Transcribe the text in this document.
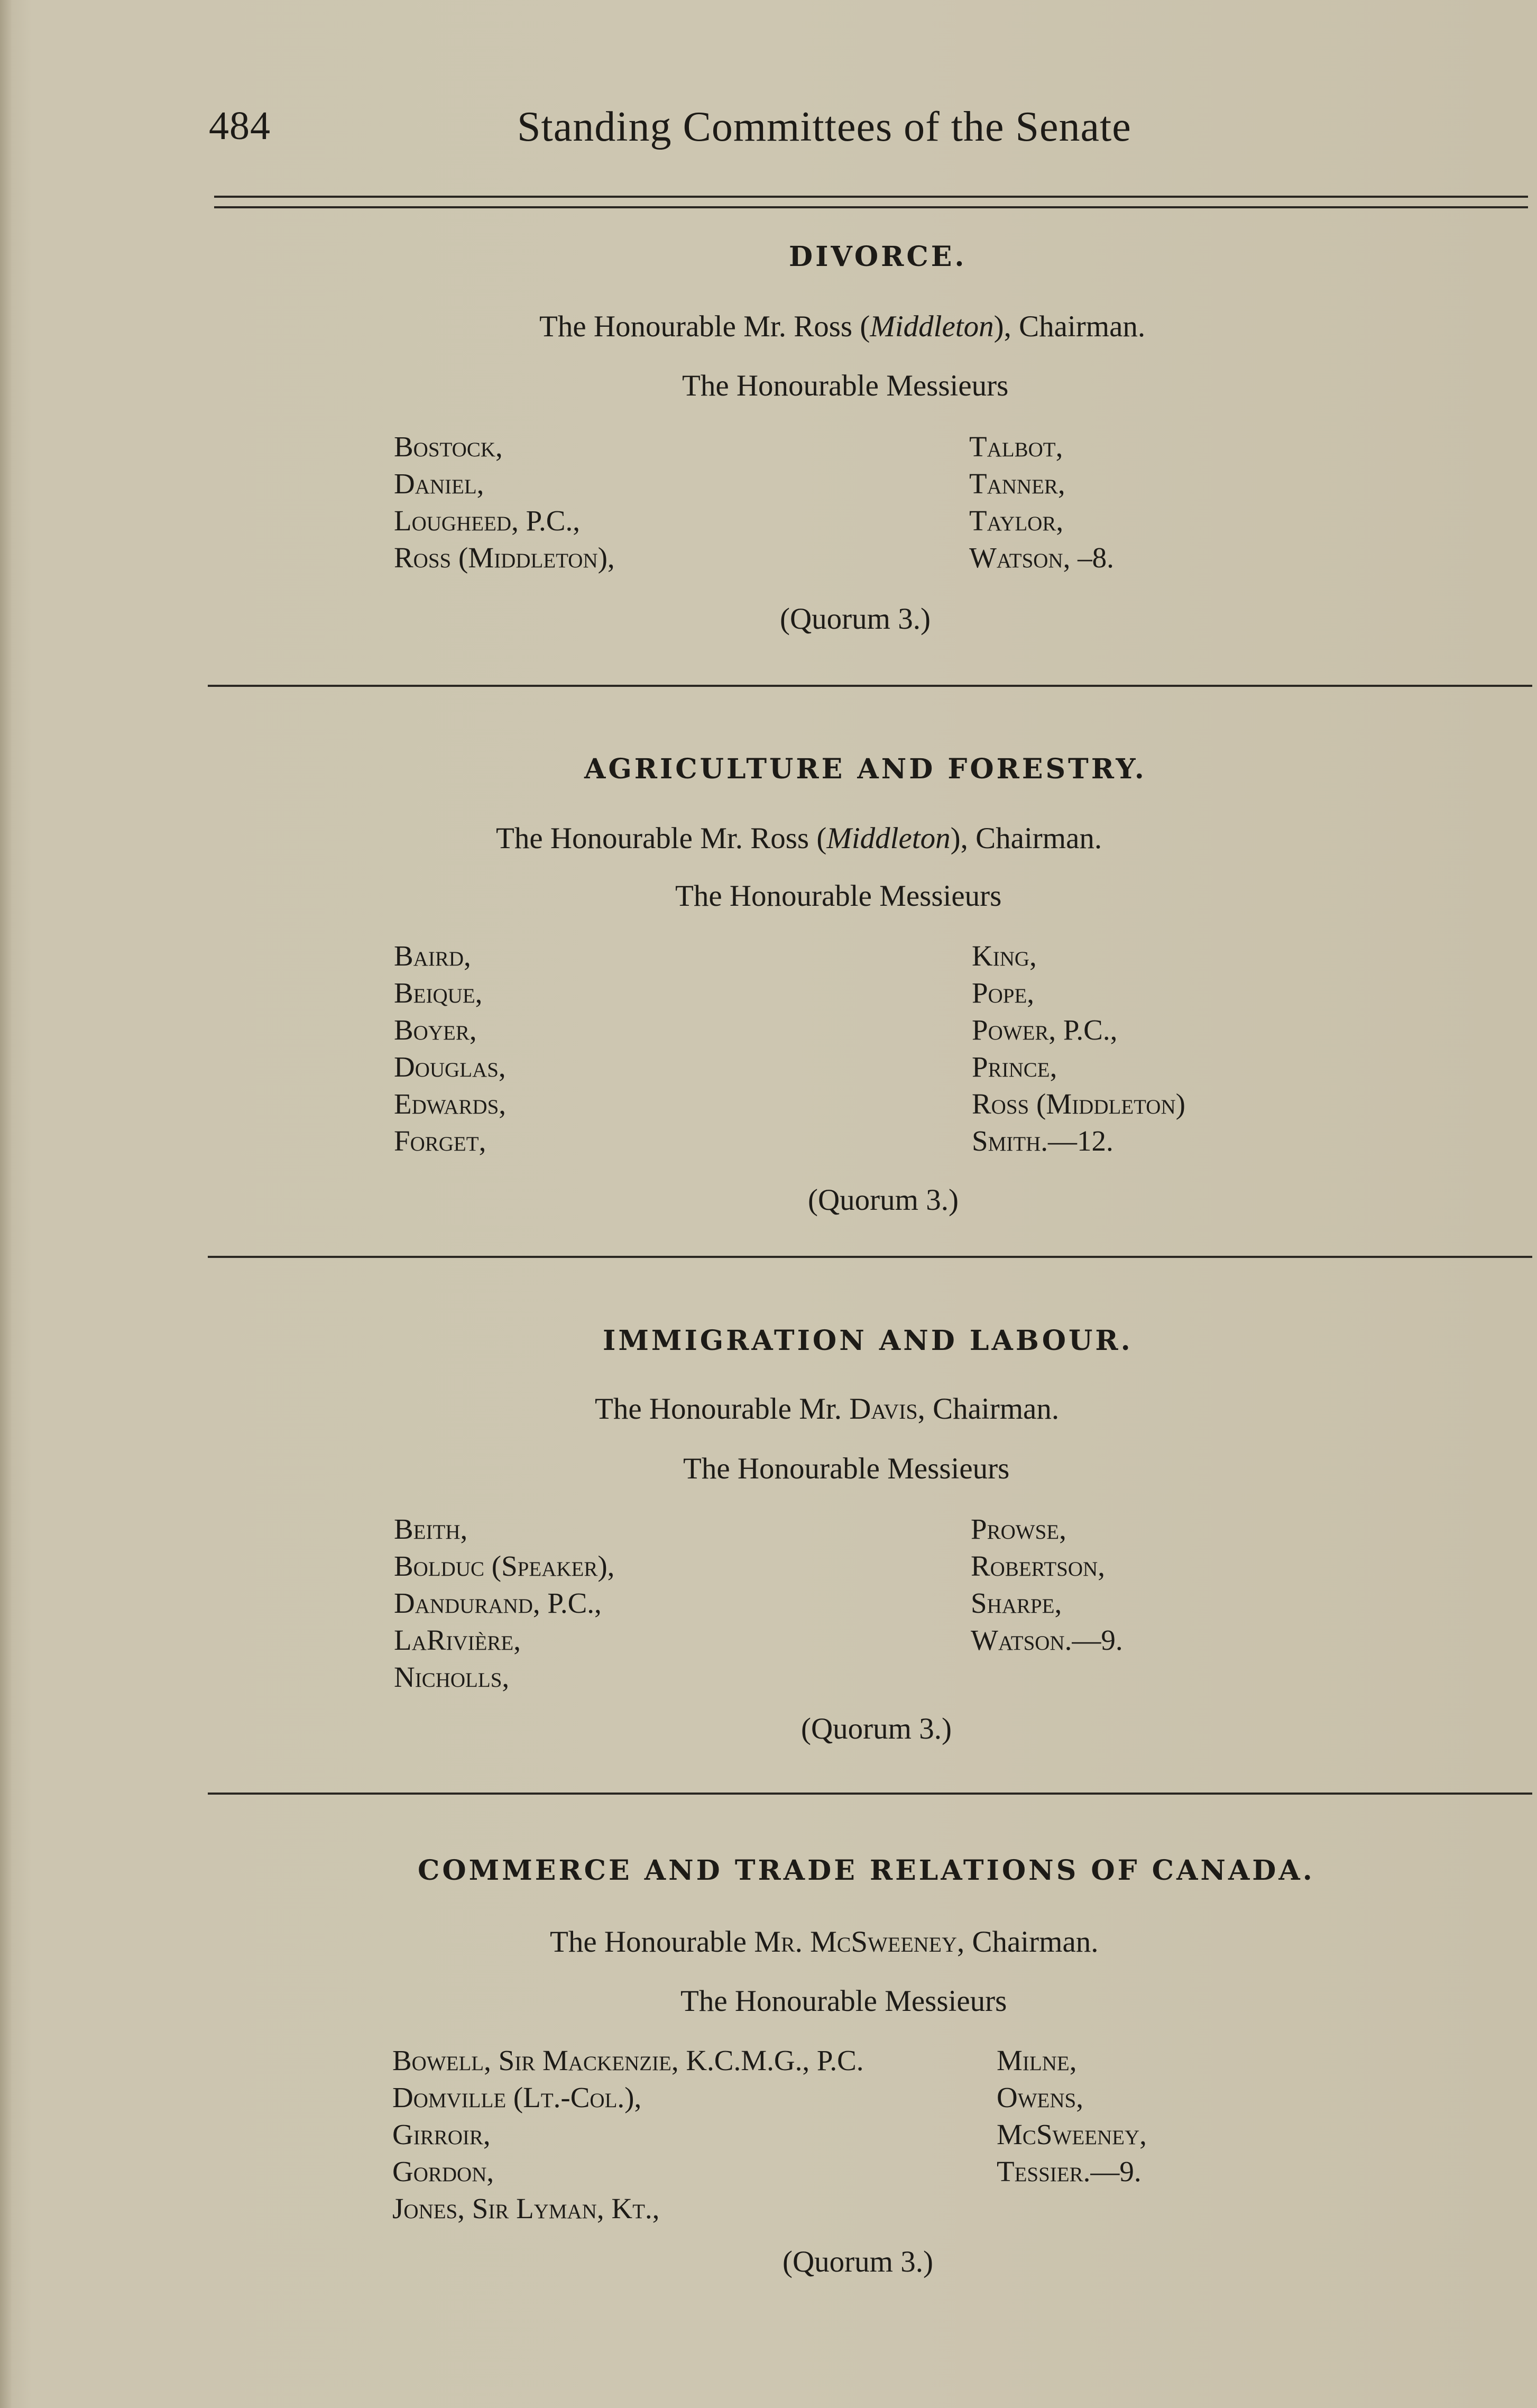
484	Standing Committees of the Senate
DIVORCE.
The Honourable Mr. Ross (Middleton), Chairman.
The Honourable Messieurs
Bostock,
Daniel,
Lougheed, P.C.,
Ross (Middleton),
Talbot,
Tanner,
Taylor,
Watson, –8.
(Quorum 3.)
AGRICULTURE AND FORESTRY.
The Honourable Mr. Ross (Middleton), Chairman.
The Honourable Messieurs
Baird,
Beique,
Boyer,
Douglas,
Edwards,
Forget,
King,
Pope,
Power, P.C.,
Prince,
Ross (Middleton)
Smith.—12.
(Quorum 3.)
IMMIGRATION AND LABOUR.
The Honourable Mr. Davis, Chairman.
The Honourable Messieurs
Beith,
Bolduc (Speaker),
Dandurand, P.C.,
LaRivière,
Nicholls,
Prowse,
Robertson,
Sharpe,
Watson.—9.
(Quorum 3.)
COMMERCE AND TRADE RELATIONS OF CANADA.
The Honourable Mr. McSweeney, Chairman.
The Honourable Messieurs
Bowell, Sir Mackenzie, K.C.M.G., P.C.
Domville (Lt.-Col.),
Girroir,
Gordon,
Jones, Sir Lyman, Kt.,
Milne,
Owens,
McSweeney,
Tessier.—9.
(Quorum 3.)
